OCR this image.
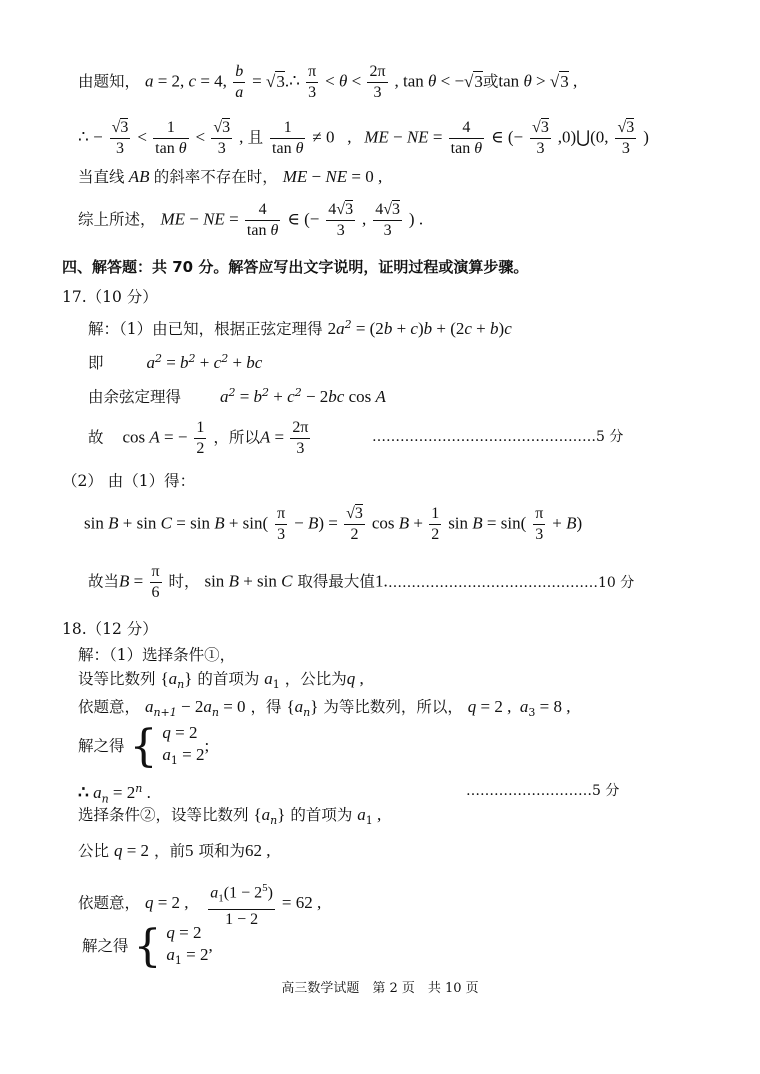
由题知， a = 2, c = 4, $\frac{b}{a}$ = √3.∴ $\frac{\pi}{3} < \theta < \frac{2\pi}{3}$ , tan θ < −√3或tan θ > √3 ,
∴ − $\frac{√3}{3} < \frac{1}{\text{tan θ}} < \frac{√3}{3}$ , 且 $\frac{1}{\text{tan θ}} \ne 0$   ,   ME − NE = $\frac{4}{\text{tan θ}}$ ∈ (− $\frac{√3}{3}$ ,0)⋃(0, $\frac{√3}{3}$ )
当直线 AB 的斜率不存在时， ME − NE = 0 ,
综上所述， ME − NE = $\frac{4}{\text{tan θ}}$ ∈ (− $\frac{4√3}{3}$ , $\frac{4√3}{3}$ ) .
四、解答题：共 70 分。解答应写出文字说明，证明过程或演算步骤。
17.（10 分）
解：（1）由已知，根据正弦定理得 $2a^2 = (2b + c)b + (2c + b)c$
即	$a^2 = b^2 + c^2$ + bc
由余弦定理得 $a^2 = b^2 + c^2 - 2bc$ cos A
故 cos A = − $\frac{1}{2}$ ，所以$A = \frac{2\pi}{3}$	…………………………………………5 分
（2） 由（1）得：
$\sin B + \sin C = \sin B + \sin( \frac{\pi}{3} - B) = \frac{√3}{2}$ $\cos B + \frac{1}{2}$ $\sin B = \sin( \frac{\pi}{3} + B)$
故当$B = \frac{\pi}{6}$ 时， sin B + sin C 取得最大值1. ………………………………………10 分
18.（12 分）
解：（1）选择条件①，
设等比数列 $\{a_n\}$ 的首项为 $a_1$ ，公比为q ,
依题意， $a_{n+1} - 2a_n = 0$ ，得 $\{a_n\}$ 为等比数列，所以， q = 2 ,  $a_3 = 8$ ,
解之得 { q = 2
$a_1 = 2$ ;
∴ $a_n = 2^n$ .	………………………5 分
选择条件②，设等比数列 $\{a_n\}$ 的首项为 $a_1$ ,
公比 q = 2 ，前5 项和为62 ,
依题意， q = 2 , $\frac{a_1(1 - 2^5)}{1 - 2} = 62$ ,
解之得 { q = 2
$a_1 = 2$ ,
高三数学试题　第 2 页　共 10 页
